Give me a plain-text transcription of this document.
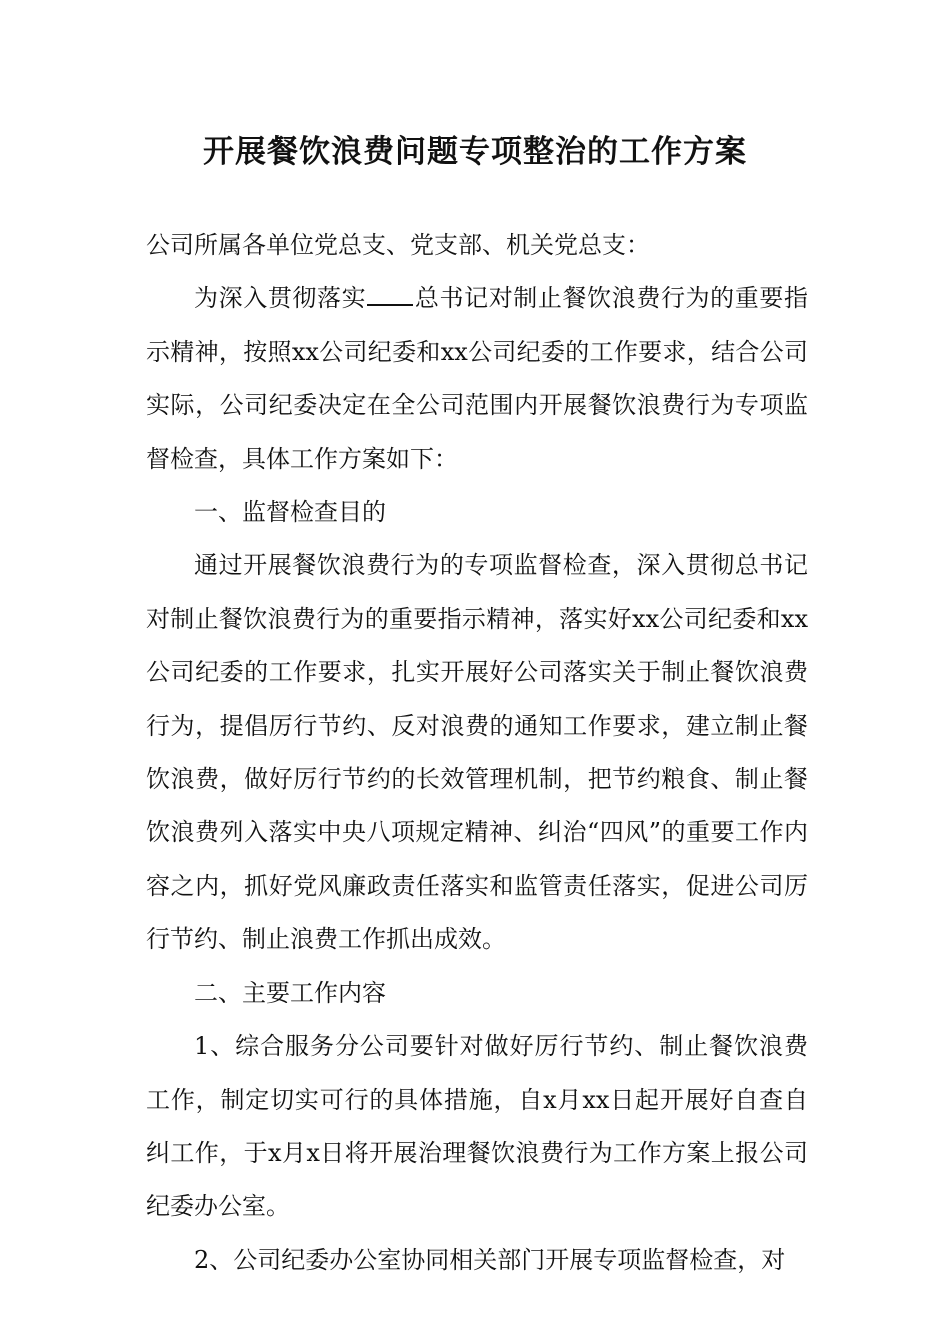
开展餐饮浪费问题专项整治的工作方案

公司所属各单位党总支、党支部、机关党总支：

为深入贯彻落实 总书记对制止餐饮浪费行为的重要指示精神，按照xx公司纪委和xx公司纪委的工作要求，结合公司实际，公司纪委决定在全公司范围内开展餐饮浪费行为专项监督检查，具体工作方案如下：

一、监督检查目的

通过开展餐饮浪费行为的专项监督检查，深入贯彻总书记对制止餐饮浪费行为的重要指示精神，落实好xx公司纪委和xx公司纪委的工作要求，扎实开展好公司落实关于制止餐饮浪费行为，提倡厉行节约、反对浪费的通知工作要求，建立制止餐饮浪费，做好厉行节约的长效管理机制，把节约粮食、制止餐饮浪费列入落实中央八项规定精神、纠治“四风”的重要工作内容之内，抓好党风廉政责任落实和监管责任落实，促进公司厉行节约、制止浪费工作抓出成效。

二、主要工作内容

1、综合服务分公司要针对做好厉行节约、制止餐饮浪费工作，制定切实可行的具体措施，自x月xx日起开展好自查自纠工作，于x月x日将开展治理餐饮浪费行为工作方案上报公司纪委办公室。

2、公司纪委办公室协同相关部门开展专项监督检查，对
